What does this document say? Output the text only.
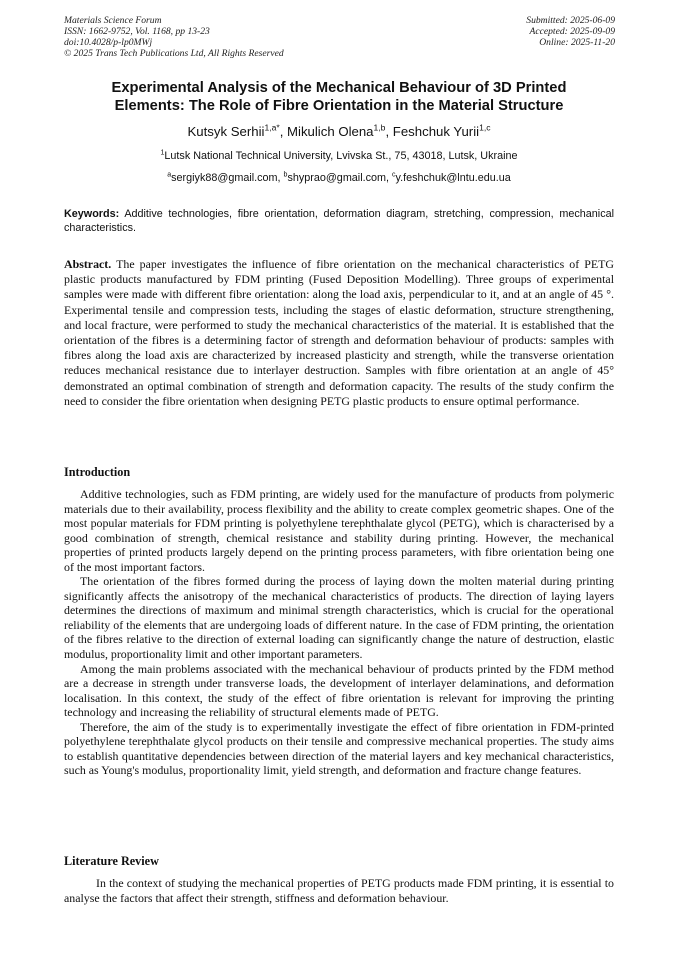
Materials Science Forum
ISSN: 1662-9752, Vol. 1168, pp 13-23
doi:10.4028/p-lp0MWj
© 2025 Trans Tech Publications Ltd, All Rights Reserved
Submitted: 2025-06-09
Accepted: 2025-09-09
Online: 2025-11-20
Experimental Analysis of the Mechanical Behaviour of 3D Printed
Elements: The Role of Fibre Orientation in the Material Structure
Kutsyk Serhii$^{1,a*}$, Mikulich Olena$^{1,b}$, Feshchuk Yurii$^{1,c}$
$^1$Lutsk National Technical University, Lvivska St., 75, 43018, Lutsk, Ukraine
$^a$sergiyk88@gmail.com, $^b$shyprao@gmail.com, $^c$y.feshchuk@lntu.edu.ua
Keywords: Additive technologies, fibre orientation, deformation diagram, stretching, compression, mechanical characteristics.
Abstract. The paper investigates the influence of fibre orientation on the mechanical characteristics of PETG plastic products manufactured by FDM printing (Fused Deposition Modelling). Three groups of experimental samples were made with different fibre orientation: along the load axis, perpendicular to it, and at an angle of 45 °. Experimental tensile and compression tests, including the stages of elastic deformation, structure strengthening, and local fracture, were performed to study the mechanical characteristics of the material. It is established that the orientation of the fibres is a determining factor of strength and deformation behaviour of products: samples with fibres along the load axis are characterized by increased plasticity and strength, while the transverse orientation reduces mechanical resistance due to interlayer destruction. Samples with fibre orientation at an angle of 45° demonstrated an optimal combination of strength and deformation capacity. The results of the study confirm the need to consider the fibre orientation when designing PETG plastic products to ensure optimal performance.
Introduction

Additive technologies, such as FDM printing, are widely used for the manufacture of products from polymeric materials due to their availability, process flexibility and the ability to create complex geometric shapes. One of the most popular materials for FDM printing is polyethylene terephthalate glycol (PETG), which is characterised by a good combination of strength, chemical resistance and stability during printing. However, the mechanical properties of printed products largely depend on the printing process parameters, with fibre orientation being one of the most important factors.

The orientation of the fibres formed during the process of laying down the molten material during printing significantly affects the anisotropy of the mechanical characteristics of products. The direction of laying layers determines the directions of maximum and minimal strength characteristics, which is crucial for the operational reliability of the elements that are undergoing loads of different nature. In the case of FDM printing, the orientation of the fibres relative to the direction of external loading can significantly change the nature of destruction, elastic modulus, proportionality limit and other important parameters.

Among the main problems associated with the mechanical behaviour of products printed by the FDM method are a decrease in strength under transverse loads, the development of interlayer delaminations, and deformation localisation. In this context, the study of the effect of fibre orientation is relevant for improving the printing technology and increasing the reliability of structural elements made of PETG.

Therefore, the aim of the study is to experimentally investigate the effect of fibre orientation in FDM-printed polyethylene terephthalate glycol products on their tensile and compressive mechanical properties. The study aims to establish quantitative dependencies between direction of the material layers and key mechanical characteristics, such as Young's modulus, proportionality limit, yield strength, and deformation and fracture change features.

Literature Review

In the context of studying the mechanical properties of PETG products made FDM printing, it is essential to analyse the factors that affect their strength, stiffness and deformation behaviour.
